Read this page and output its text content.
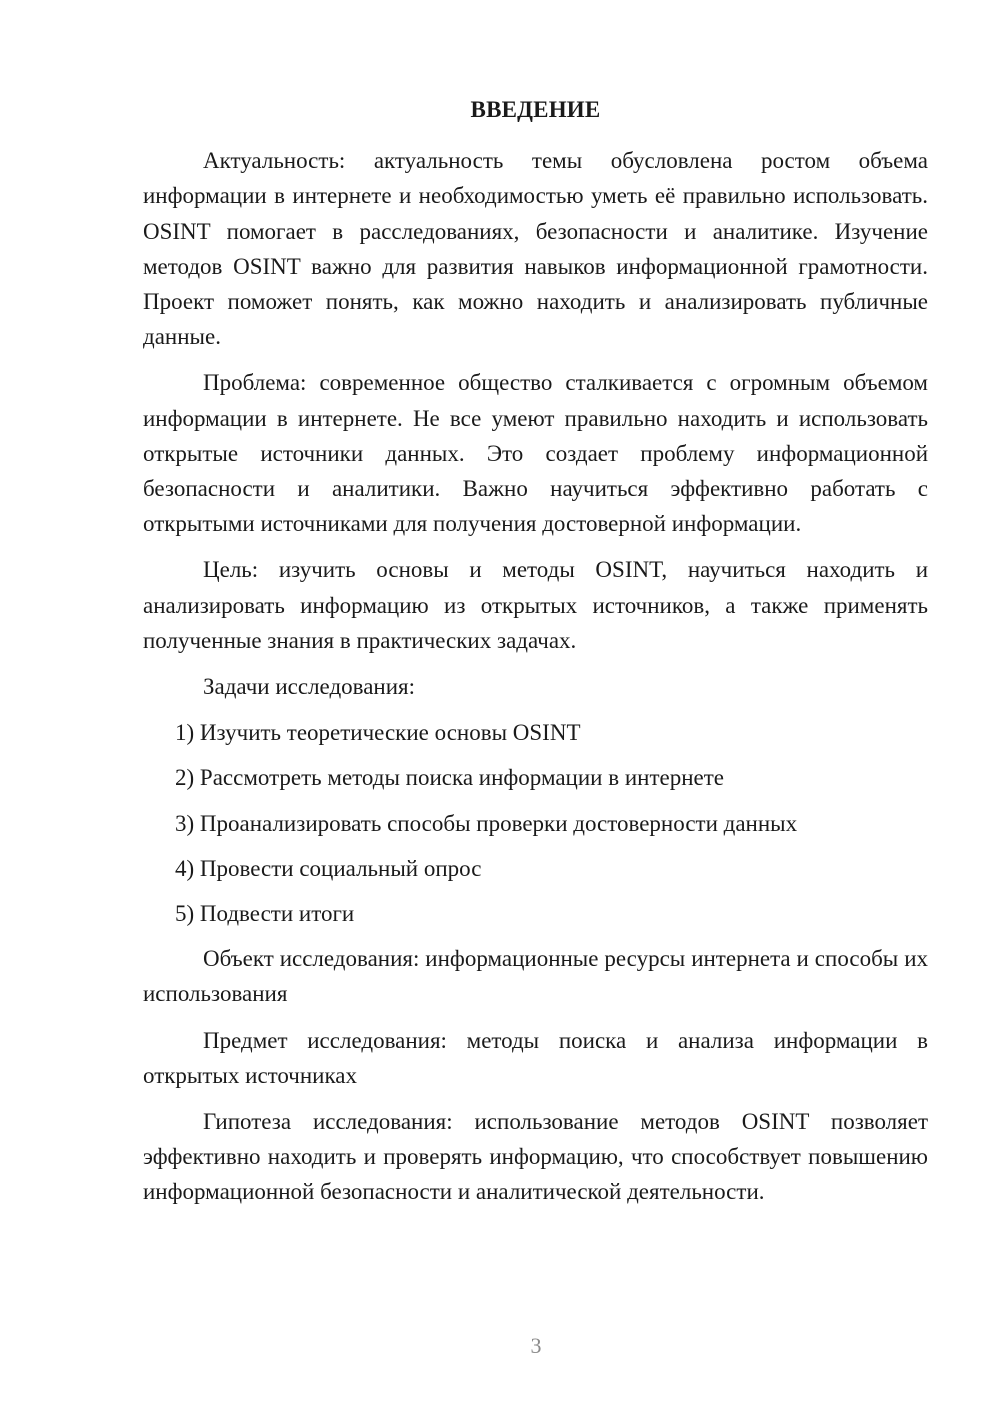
ВВЕДЕНИЕ

Актуальность: актуальность темы обусловлена ростом объема информации в интернете и необходимостью уметь её правильно использовать. OSINT помогает в расследованиях, безопасности и аналитике. Изучение методов OSINT важно для развития навыков информационной грамотности. Проект поможет понять, как можно находить и анализировать публичные данные.

Проблема: современное общество сталкивается с огромным объемом информации в интернете. Не все умеют правильно находить и использовать открытые источники данных. Это создает проблему информационной безопасности и аналитики. Важно научиться эффективно работать с открытыми источниками для получения достоверной информации.

Цель: изучить основы и методы OSINT, научиться находить и анализировать информацию из открытых источников, а также применять полученные знания в практических задачах.

Задачи исследования:

1) Изучить теоретические основы OSINT
2) Рассмотреть методы поиска информации в интернете
3) Проанализировать способы проверки достоверности данных
4) Провести социальный опрос
5) Подвести итоги

Объект исследования: информационные ресурсы интернета и способы их использования

Предмет исследования: методы поиска и анализа информации в открытых источниках

Гипотеза исследования: использование методов OSINT позволяет эффективно находить и проверять информацию, что способствует повышению информационной безопасности и аналитической деятельности.

3
